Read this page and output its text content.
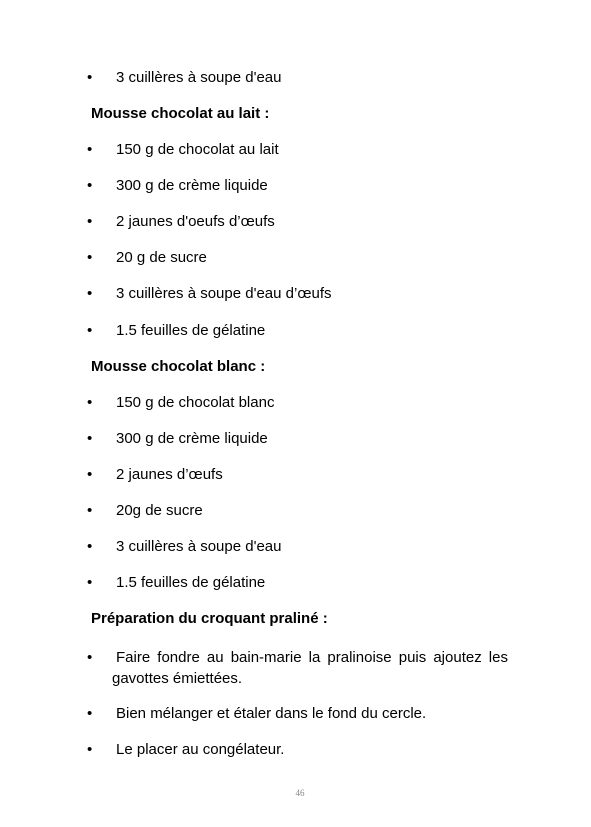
• 3 cuillères à soupe d'eau
Mousse chocolat au lait :
• 150 g de chocolat au lait
• 300 g de crème liquide
• 2 jaunes d'oeufs d’œufs
• 20 g de sucre
• 3 cuillères à soupe d'eau d’œufs
• 1.5 feuilles de gélatine
Mousse chocolat blanc :
• 150 g de chocolat blanc
• 300 g de crème liquide
• 2 jaunes d’œufs
• 20g de sucre
• 3 cuillères à soupe d'eau
• 1.5 feuilles de gélatine
Préparation du croquant praliné :
•	Faire fondre au bain-marie la pralinoise puis ajoutez les gavottes émiettées.
• Bien mélanger et étaler dans le fond du cercle.
• Le placer au congélateur.
46
